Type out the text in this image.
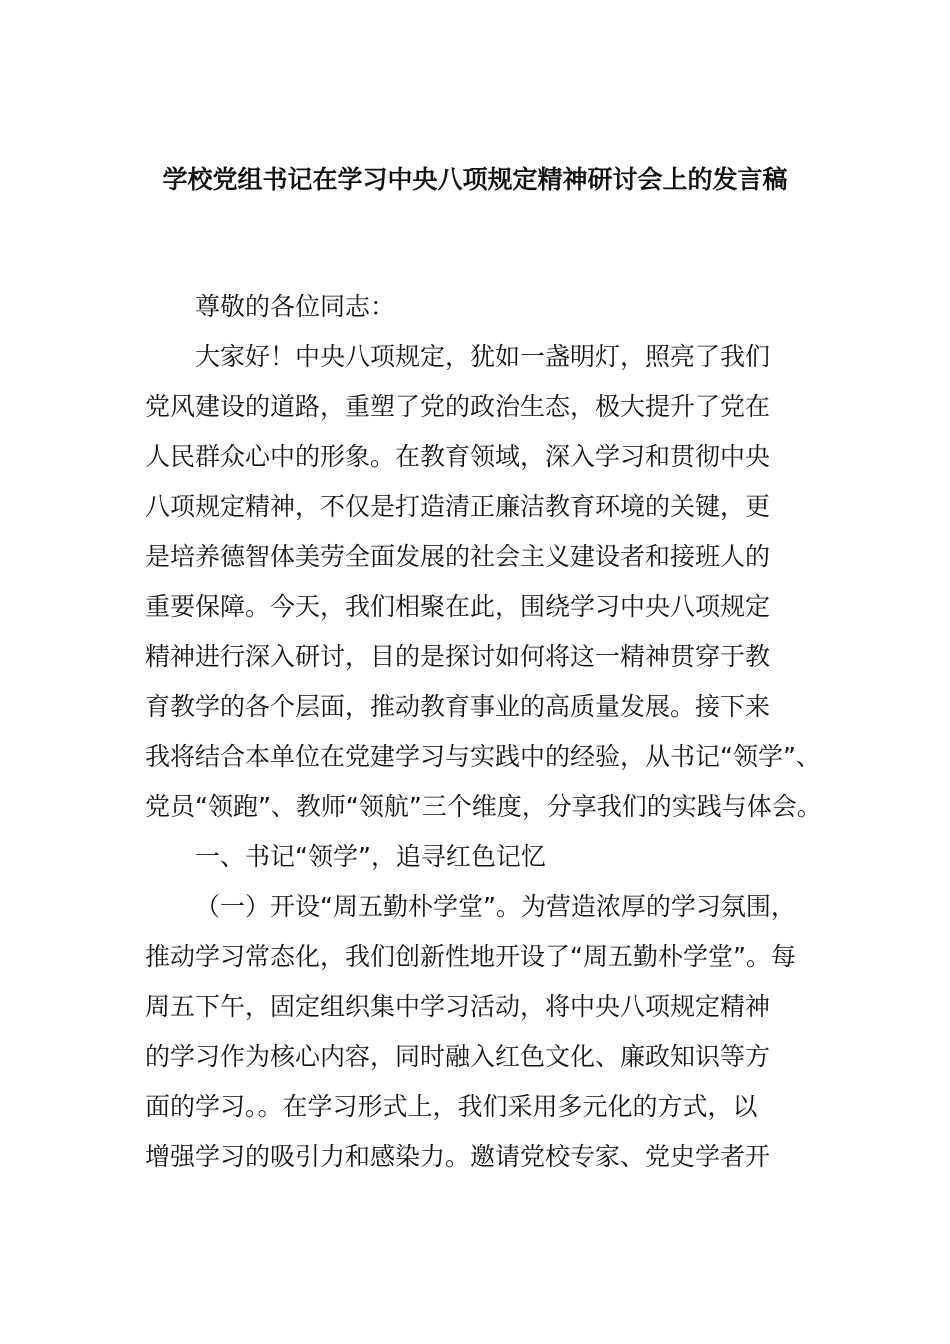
学校党组书记在学习中央八项规定精神研讨会上的发言稿
尊敬的各位同志：
大家好！中央八项规定，犹如一盏明灯，照亮了我们
党风建设的道路，重塑了党的政治生态，极大提升了党在
人民群众心中的形象。在教育领域，深入学习和贯彻中央
八项规定精神，不仅是打造清正廉洁教育环境的关键，更
是培养德智体美劳全面发展的社会主义建设者和接班人的
重要保障。今天，我们相聚在此，围绕学习中央八项规定
精神进行深入研讨，目的是探讨如何将这一精神贯穿于教
育教学的各个层面，推动教育事业的高质量发展。接下来
我将结合本单位在党建学习与实践中的经验，从书记“领学”、
党员“领跑”、教师“领航”三个维度，分享我们的实践与体会。
一、书记“领学”，追寻红色记忆
（一）开设“周五勤朴学堂”。为营造浓厚的学习氛围，
推动学习常态化，我们创新性地开设了“周五勤朴学堂”。每
周五下午，固定组织集中学习活动，将中央八项规定精神
的学习作为核心内容，同时融入红色文化、廉政知识等方
面的学习。。在学习形式上，我们采用多元化的方式，以
增强学习的吸引力和感染力。邀请党校专家、党史学者开
